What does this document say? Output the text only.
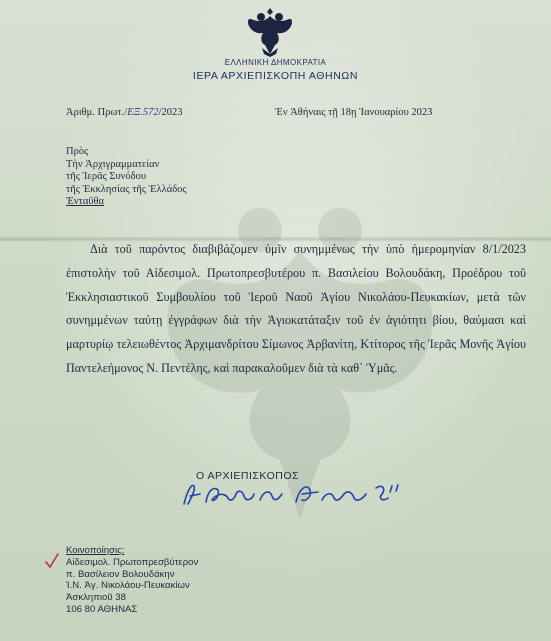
ΕΛΛΗΝΙΚΗ ΔΗΜΟΚΡΑΤΙΑ
ΙΕΡΑ ΑΡΧΙΕΠΙΣΚΟΠΗ ΑΘΗΝΩΝ
Ἀριθμ. Πρωτ./ΕΞ.572/2023	Ἐν Ἀθήναις τῇ 18ῃ Ἰανουαρίου 2023
Πρὸς
Τὴν Ἀρχιγραμματείαν
τῆς Ἱερᾶς Συνόδου
τῆς Ἐκκλησίας τῆς Ἑλλάδος
Ἐνταῦθα

Διὰ τοῦ παρόντος διαβιβάζομεν ὑμῖν συνημμένως τὴν ὑπὸ ἡμερομηνίαν 8/1/2023 ἐπιστολὴν τοῦ Αἰδεσιμολ. Πρωτοπρεσβυτέρου π. Βασιλείου Βολουδάκη, Προέδρου τοῦ Ἐκκλησιαστικοῦ Συμβουλίου τοῦ Ἱεροῦ Ναοῦ Ἁγίου Νικολάου-Πευκακίων, μετὰ τῶν συνημμένων ταύτῃ ἐγγράφων διὰ τὴν Ἁγιοκατάταξιν τοῦ ἐν ἁγιότητι βίου, θαύμασι καὶ μαρτυρίῳ τελειωθέντος Ἀρχιμανδρίτου Σίμωνος Ἀρβανίτη, Κτίτορος τῆς Ἱερᾶς Μονῆς Ἁγίου Παντελεήμονος Ν. Πεντέλης, καὶ παρακαλοῦμεν διὰ τὰ καθ᾽ Ὑμᾶς.

Ο ΑΡΧΙΕΠΙΣΚΟΠΟΣ
Κοινοποίησις:
Αἰδεσιμολ. Πρωτοπρεσβύτερον
π. Βασίλειον Βολουδάκην
Ἱ.Ν. Ἁγ. Νικολάου-Πευκακίων
Ἀσκληπιοῦ 38
106 80 ΑΘΗΝΑΣ
